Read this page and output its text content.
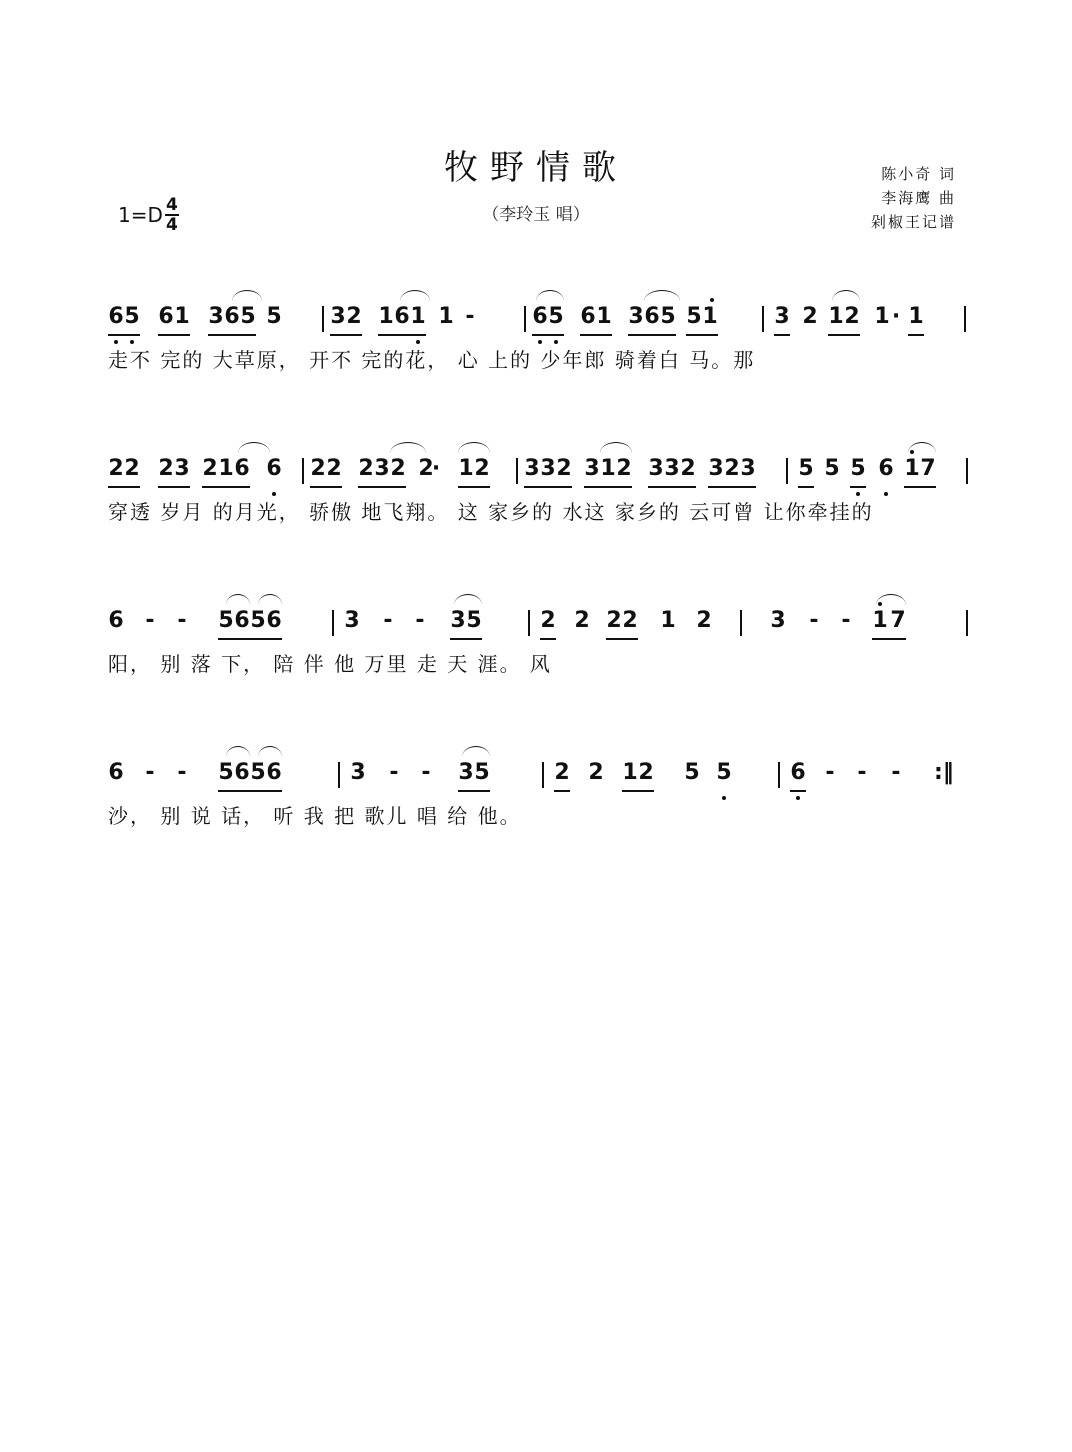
牧野情歌
（李玲玉 唱）
陈小奇 词
李海鹰 曲
剁椒王记谱
1=D 4
4
6 5 6 1 3 6 5 5 3 2 1 6 1 1 -	6 5 6 1 3 6 5 5 1	3 2 1 2 1 · 1
走不 完的 大草原， 开不 完的花， 心 上的 少年郎 骑着白 马。那
2 2 2 3 2 1 6 6 2 2 2 3 2 2
· 1 2 3 3 2 3 1 2 3 3 2 3 2 3 5 5 5 6 1 7
穿透 岁月 的月光， 骄傲 地飞翔。 这 家乡的 水这 家乡的 云可曾 让你牵挂的
6 - - 5 6 5 6	3 - - 3 5	2 2 2 2 1 2	3 - - 1 7
阳， 别 落 下， 陪 伴 他 万里 走 天 涯。 风
6 - - 5 6 5 6	3 - - 3 5	2 2 1 2 5 5	6 - - - :‖
沙， 别 说 话， 听 我 把 歌儿 唱 给 他。
